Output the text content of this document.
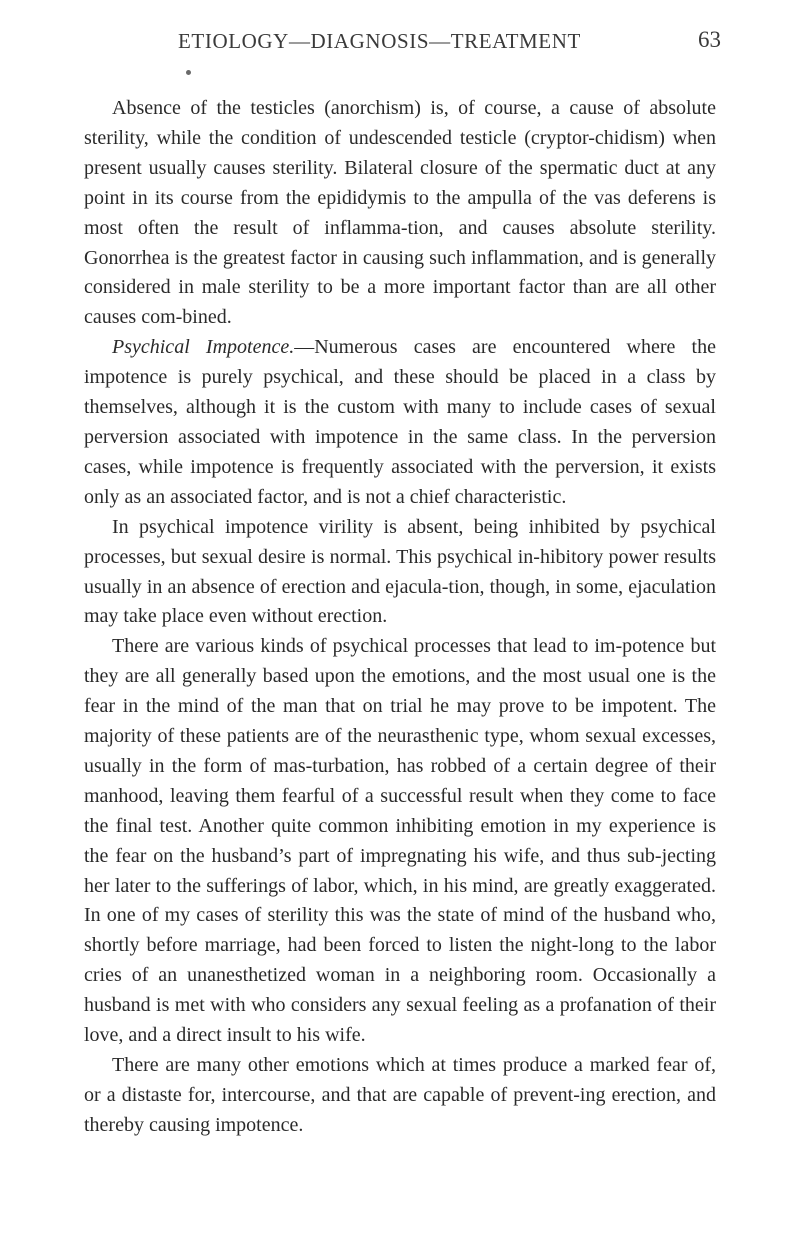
ETIOLOGY—DIAGNOSIS—TREATMENT	63

Absence of the testicles (anorchism) is, of course, a cause of absolute sterility, while the condition of undescended testicle (cryptor-chidism) when present usually causes sterility. Bilateral closure of the spermatic duct at any point in its course from the epididymis to the ampulla of the vas deferens is most often the result of inflamma-tion, and causes absolute sterility. Gonorrhea is the greatest factor in causing such inflammation, and is generally considered in male sterility to be a more important factor than are all other causes com-bined.

Psychical Impotence.—Numerous cases are encountered where the impotence is purely psychical, and these should be placed in a class by themselves, although it is the custom with many to include cases of sexual perversion associated with impotence in the same class. In the perversion cases, while impotence is frequently associated with the perversion, it exists only as an associated factor, and is not a chief characteristic.

In psychical impotence virility is absent, being inhibited by psychical processes, but sexual desire is normal. This psychical in-hibitory power results usually in an absence of erection and ejacula-tion, though, in some, ejaculation may take place even without erection.

There are various kinds of psychical processes that lead to im-potence but they are all generally based upon the emotions, and the most usual one is the fear in the mind of the man that on trial he may prove to be impotent. The majority of these patients are of the neurasthenic type, whom sexual excesses, usually in the form of mas-turbation, has robbed of a certain degree of their manhood, leaving them fearful of a successful result when they come to face the final test. Another quite common inhibiting emotion in my experience is the fear on the husband’s part of impregnating his wife, and thus sub-jecting her later to the sufferings of labor, which, in his mind, are greatly exaggerated. In one of my cases of sterility this was the state of mind of the husband who, shortly before marriage, had been forced to listen the night-long to the labor cries of an unanesthetized woman in a neighboring room. Occasionally a husband is met with who considers any sexual feeling as a profanation of their love, and a direct insult to his wife.

There are many other emotions which at times produce a marked fear of, or a distaste for, intercourse, and that are capable of prevent-ing erection, and thereby causing impotence.
